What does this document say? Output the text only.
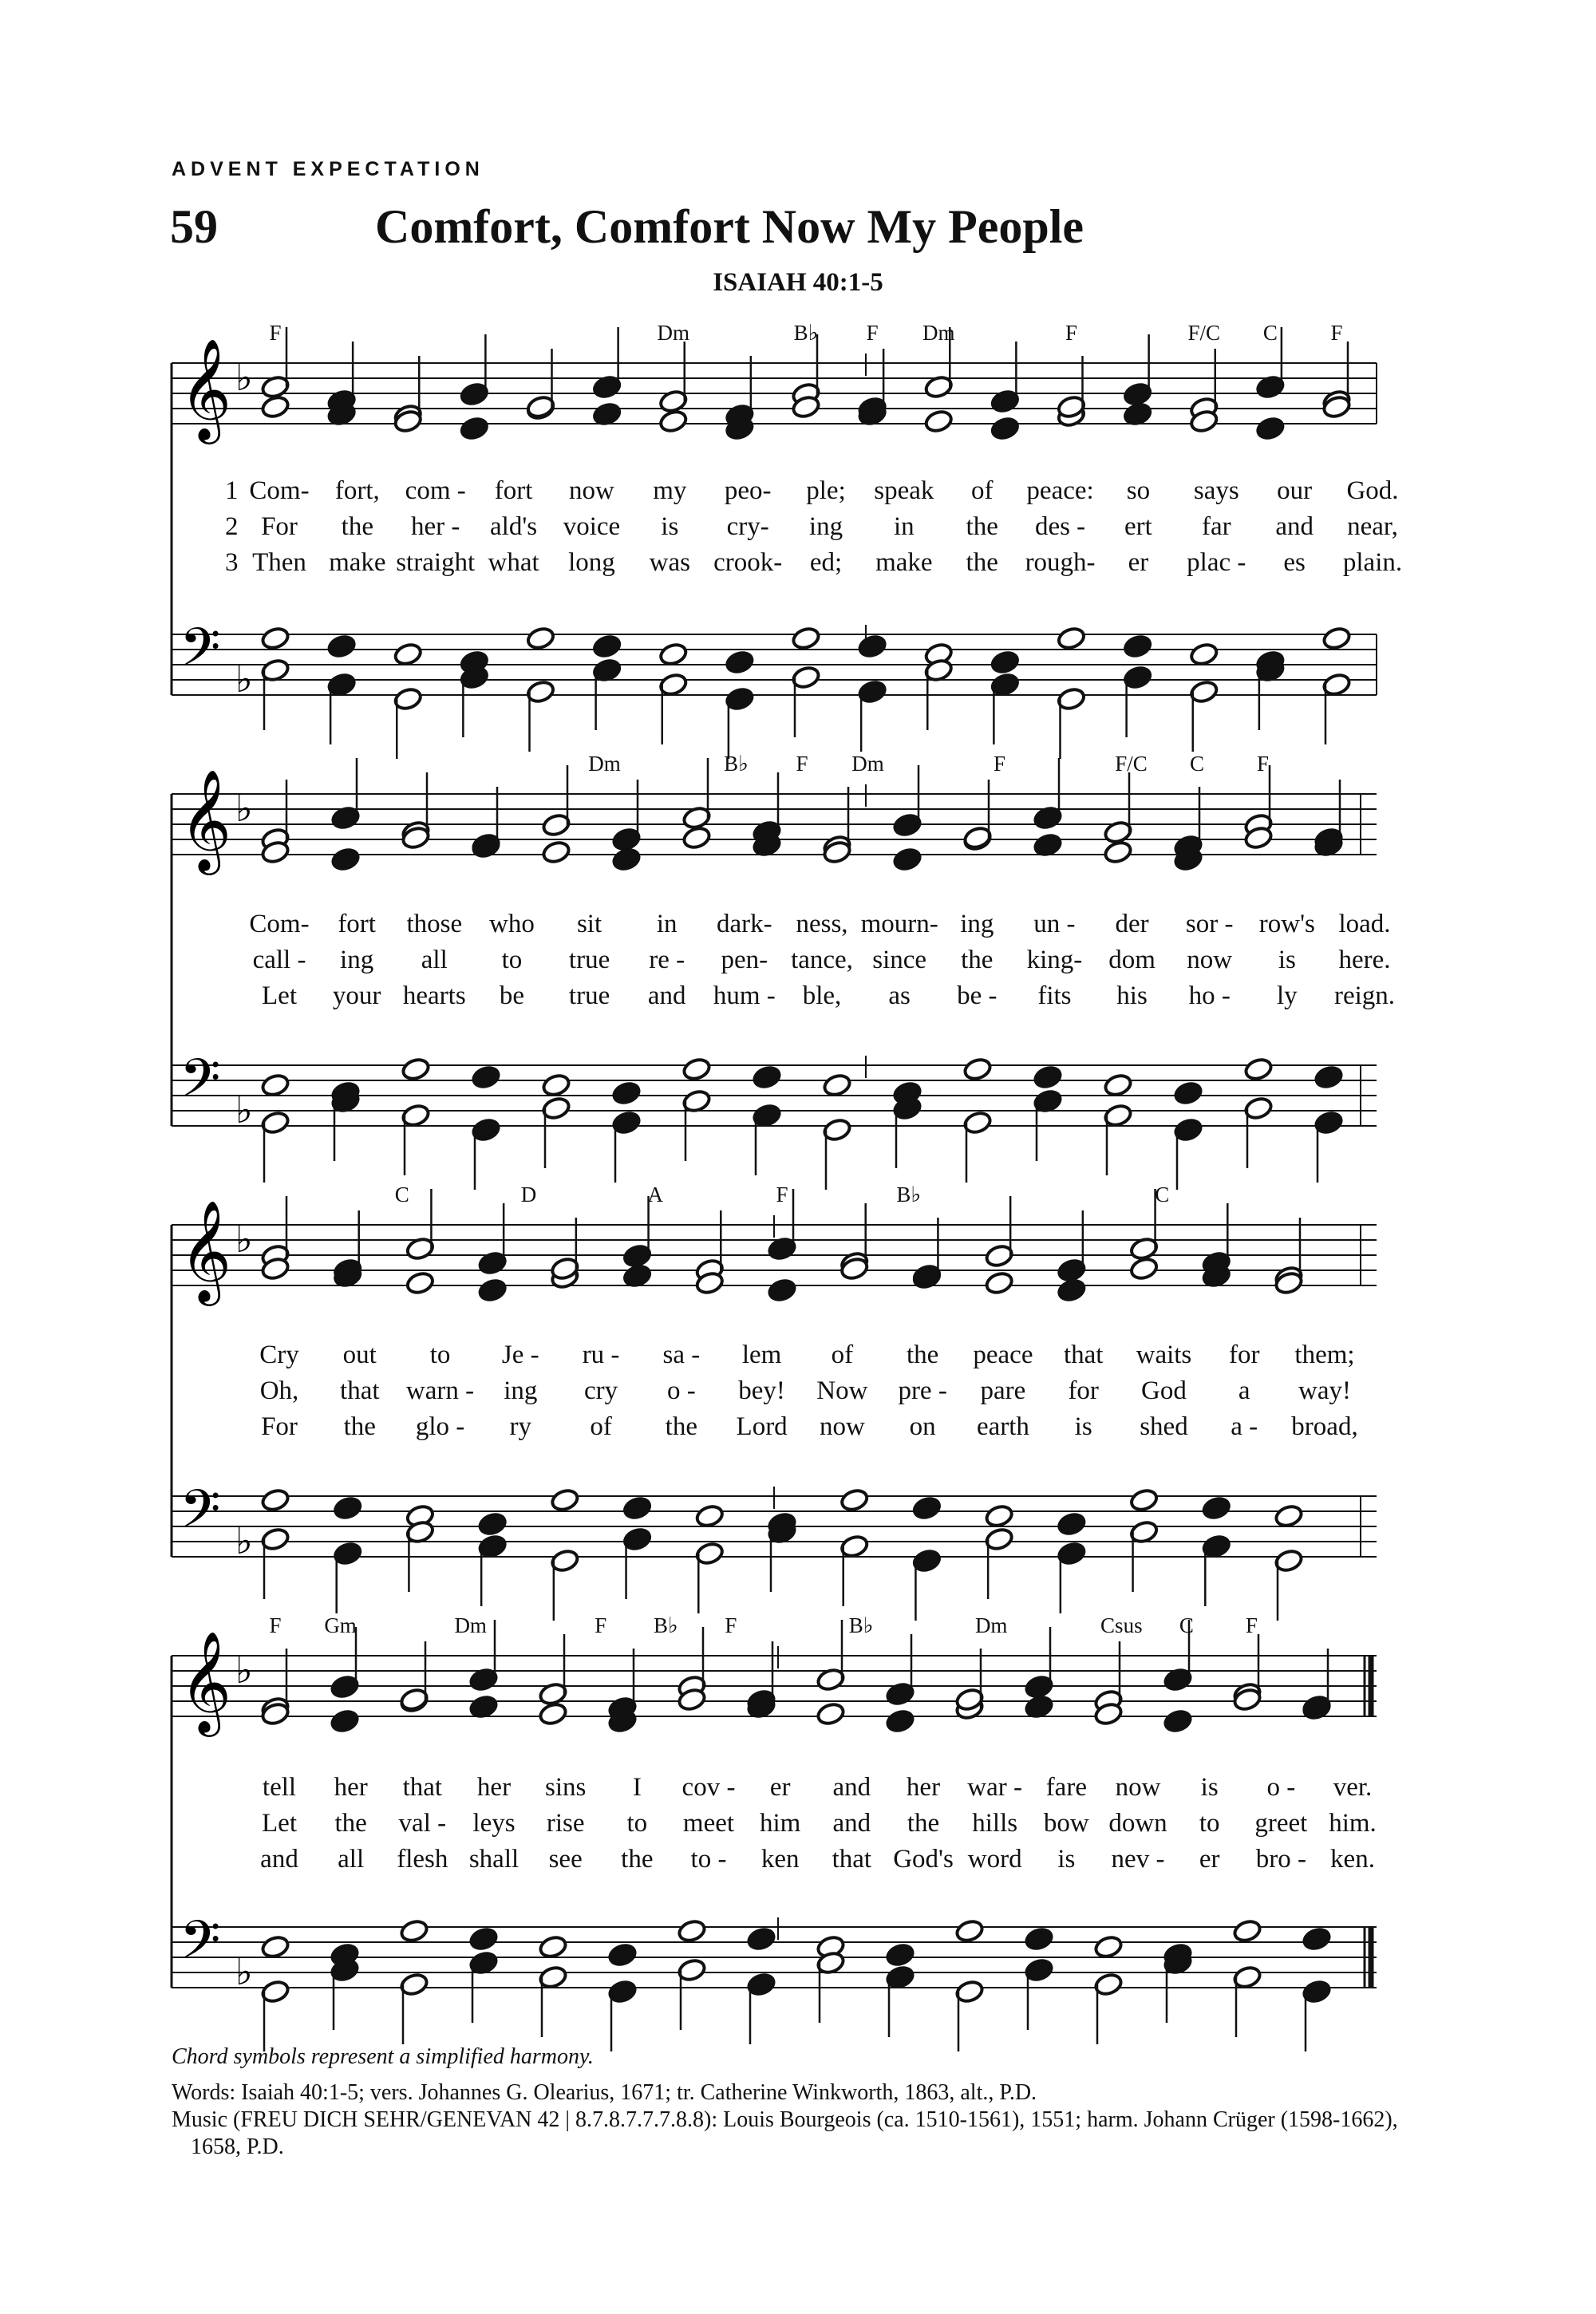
ADVENT EXPECTATION
59	Comfort, Comfort Now My People
ISAIAH 40:1-5
𝄞 ♭
𝄢 ♭
𝄞 ♭
𝄢 ♭
𝄞 ♭
𝄢 ♭
𝄞 ♭
𝄢 ♭
F	Dm	B♭ F Dm	F	F/C C F
1
2
3
Com- fort, com - fort now my peo- ple; speak of peace: so says our God.
For the her - ald's voice is cry- ing in the des - ert far and near,
Then make straight what long was crook- ed; make the rough- er plac - es plain.
Dm	B♭ F Dm	F	F/C C F
Com- fort those who sit in dark- ness, mourn- ing un - der sor - row's load.
call - ing all to true re - pen- tance, since the king- dom now is here.
Let your hearts be true and hum - ble, as be - fits his ho - ly reign.
C	D	A	F	B♭	C
Cry out to Je - ru - sa - lem of the peace that waits for them;
Oh, that warn - ing cry o - bey! Now pre - pare for God a way!
For the glo - ry of the Lord now on earth is shed a - broad,
F Gm	Dm	F B♭ F	B♭	Dm	Csus C F
tell her that her sins I cov - er and her war - fare now is o - ver.
Let the val - leys rise to meet him and the hills bow down to greet him.
and all flesh shall see the to - ken that God's word is nev - er bro - ken.
Chord symbols represent a simplified harmony.
Words: Isaiah 40:1-5; vers. Johannes G. Olearius, 1671; tr. Catherine Winkworth, 1863, alt., P.D.
Music (FREU DICH SEHR/GENEVAN 42 | 8.7.8.7.7.7.8.8): Louis Bourgeois (ca. 1510-1561), 1551; harm. Johann Crüger (1598-1662), 1658, P.D.
